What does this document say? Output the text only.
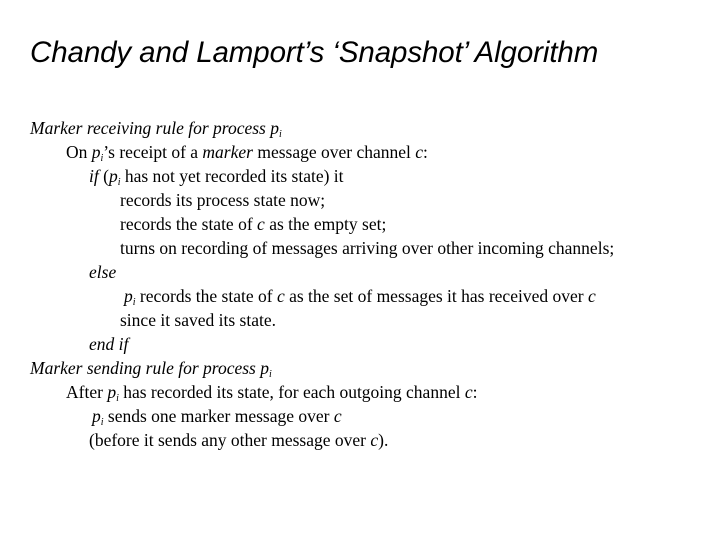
Chandy and Lamport’s ‘Snapshot’ Algorithm
Marker receiving rule for process $p_i$
On $p_i’s$ receipt of a marker message over channel c:
if ($p_i$ has not yet recorded its state) it
records its process state now;
records the state of c as the empty set;
turns on recording of messages arriving over other incoming channels;
else
$p_i$ records the state of c as the set of messages it has received over c
since it saved its state.
end if
Marker sending rule for process $p_i$
After $p_i$ has recorded its state, for each outgoing channel c:
$p_i$ sends one marker message over c
(before it sends any other message over c).
